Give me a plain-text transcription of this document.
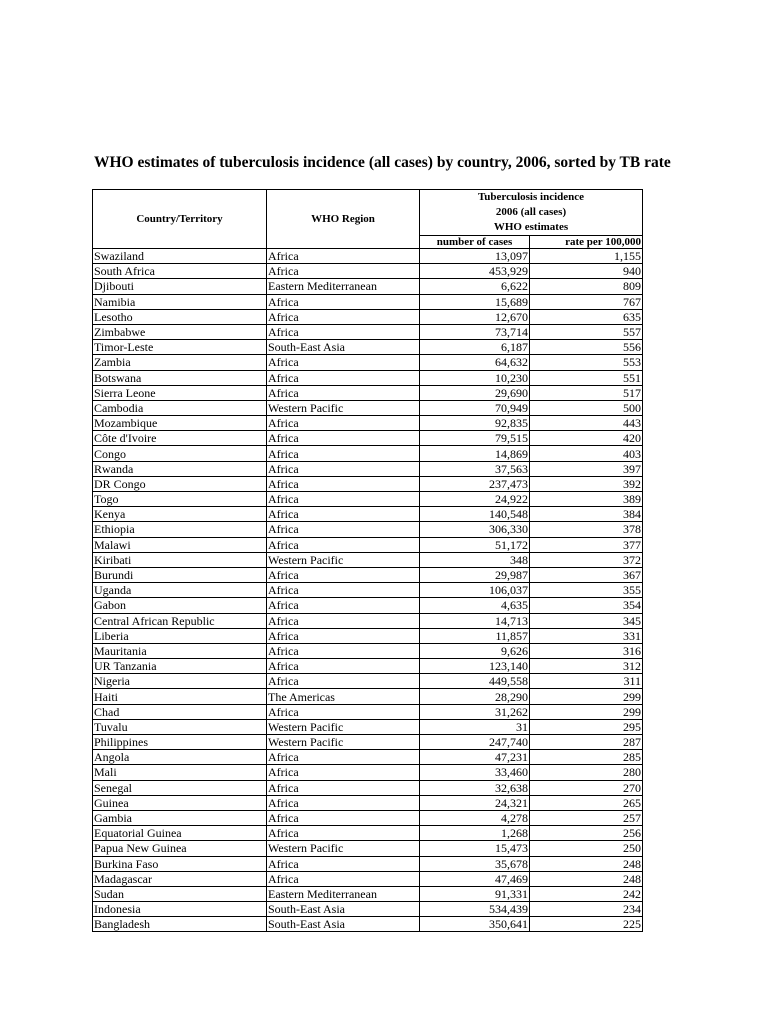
WHO estimates of tuberculosis incidence (all cases) by country, 2006, sorted by TB rate
Country/Territory	WHO Region	Tuberculosis incidence
2006 (all cases)
WHO estimates	

		number of cases	rate per 100,000
Swaziland	Africa	13,097	1,155
South Africa	Africa	453,929	940
Djibouti	Eastern Mediterranean	6,622	809
Namibia	Africa	15,689	767
Lesotho	Africa	12,670	635
Zimbabwe	Africa	73,714	557
Timor-Leste	South-East Asia	6,187	556
Zambia	Africa	64,632	553
Botswana	Africa	10,230	551
Sierra Leone	Africa	29,690	517
Cambodia	Western Pacific	70,949	500
Mozambique	Africa	92,835	443
Côte d'Ivoire	Africa	79,515	420
Congo	Africa	14,869	403
Rwanda	Africa	37,563	397
DR Congo	Africa	237,473	392
Togo	Africa	24,922	389
Kenya	Africa	140,548	384
Ethiopia	Africa	306,330	378
Malawi	Africa	51,172	377
Kiribati	Western Pacific	348	372
Burundi	Africa	29,987	367
Uganda	Africa	106,037	355
Gabon	Africa	4,635	354
Central African Republic	Africa	14,713	345
Liberia	Africa	11,857	331
Mauritania	Africa	9,626	316
UR Tanzania	Africa	123,140	312
Nigeria	Africa	449,558	311
Haiti	The Americas	28,290	299
Chad	Africa	31,262	299
Tuvalu	Western Pacific	31	295
Philippines	Western Pacific	247,740	287
Angola	Africa	47,231	285
Mali	Africa	33,460	280
Senegal	Africa	32,638	270
Guinea	Africa	24,321	265
Gambia	Africa	4,278	257
Equatorial Guinea	Africa	1,268	256
Papua New Guinea	Western Pacific	15,473	250
Burkina Faso	Africa	35,678	248
Madagascar	Africa	47,469	248
Sudan	Eastern Mediterranean	91,331	242
Indonesia	South-East Asia	534,439	234
Bangladesh	South-East Asia	350,641	225
